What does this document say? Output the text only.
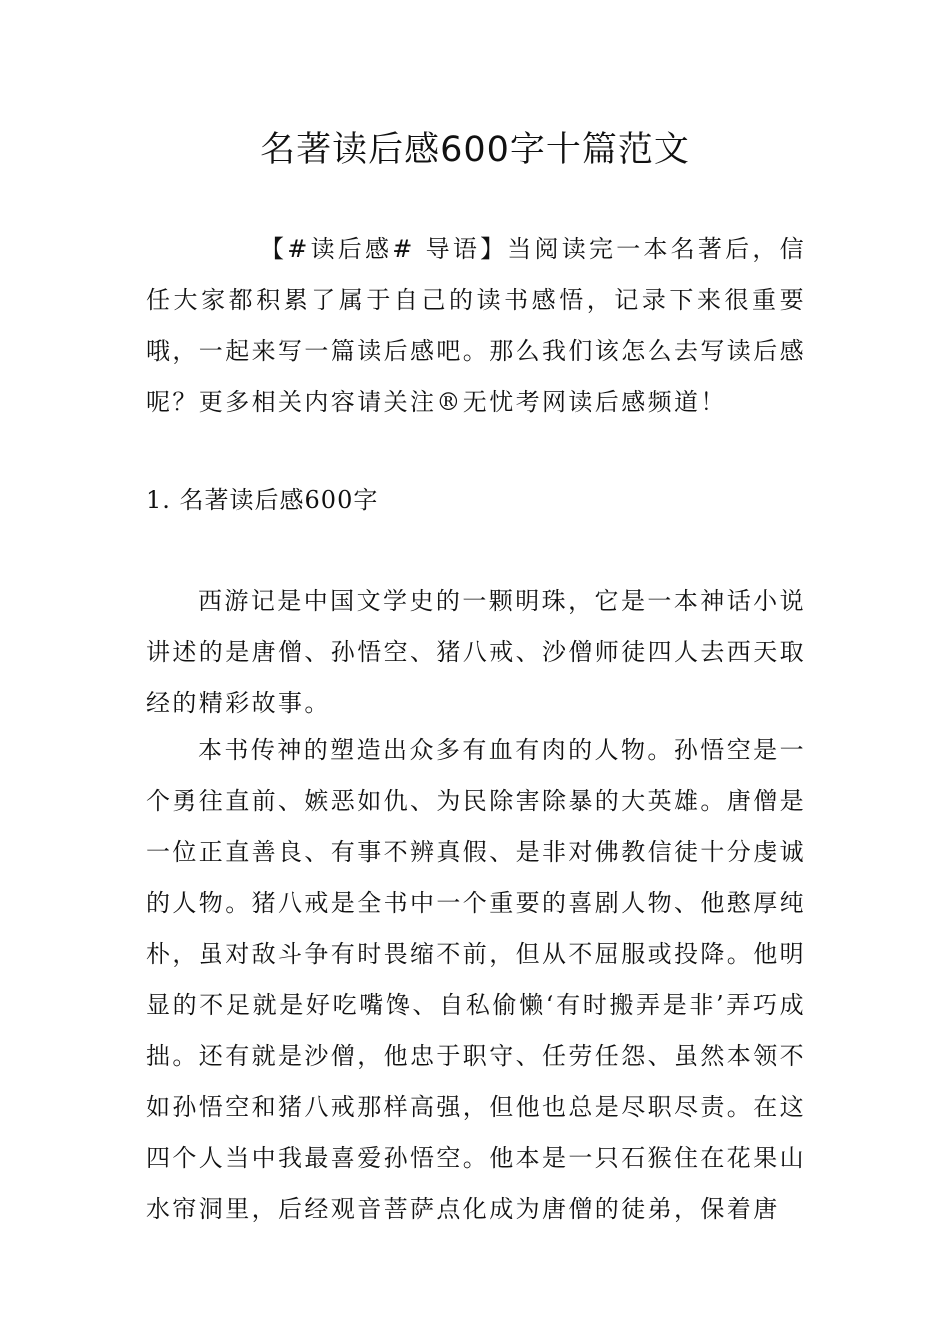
名著读后感600字十篇范文

【#读后感# 导语】当阅读完一本名著后，信任大家都积累了属于自己的读书感悟，记录下来很重要哦，一起来写一篇读后感吧。那么我们该怎么去写读后感呢？更多相关内容请关注®无忧考网读后感频道！

1. 名著读后感600字

西游记是中国文学史的一颗明珠，它是一本神话小说讲述的是唐僧、孙悟空、猪八戒、沙僧师徒四人去西天取经的精彩故事。

本书传神的塑造出众多有血有肉的人物。孙悟空是一个勇往直前、嫉恶如仇、为民除害除暴的大英雄。唐僧是一位正直善良、有事不辨真假、是非对佛教信徒十分虔诚的人物。猪八戒是全书中一个重要的喜剧人物、他憨厚纯朴，虽对敌斗争有时畏缩不前，但从不屈服或投降。他明显的不足就是好吃嘴馋、自私偷懒‘有时搬弄是非’弄巧成拙。还有就是沙僧，他忠于职守、任劳任怨、虽然本领不如孙悟空和猪八戒那样高强，但他也总是尽职尽责。在这四个人当中我最喜爱孙悟空。他本是一只石猴住在花果山水帘洞里，后经观音菩萨点化成为唐僧的徒弟，保着唐
